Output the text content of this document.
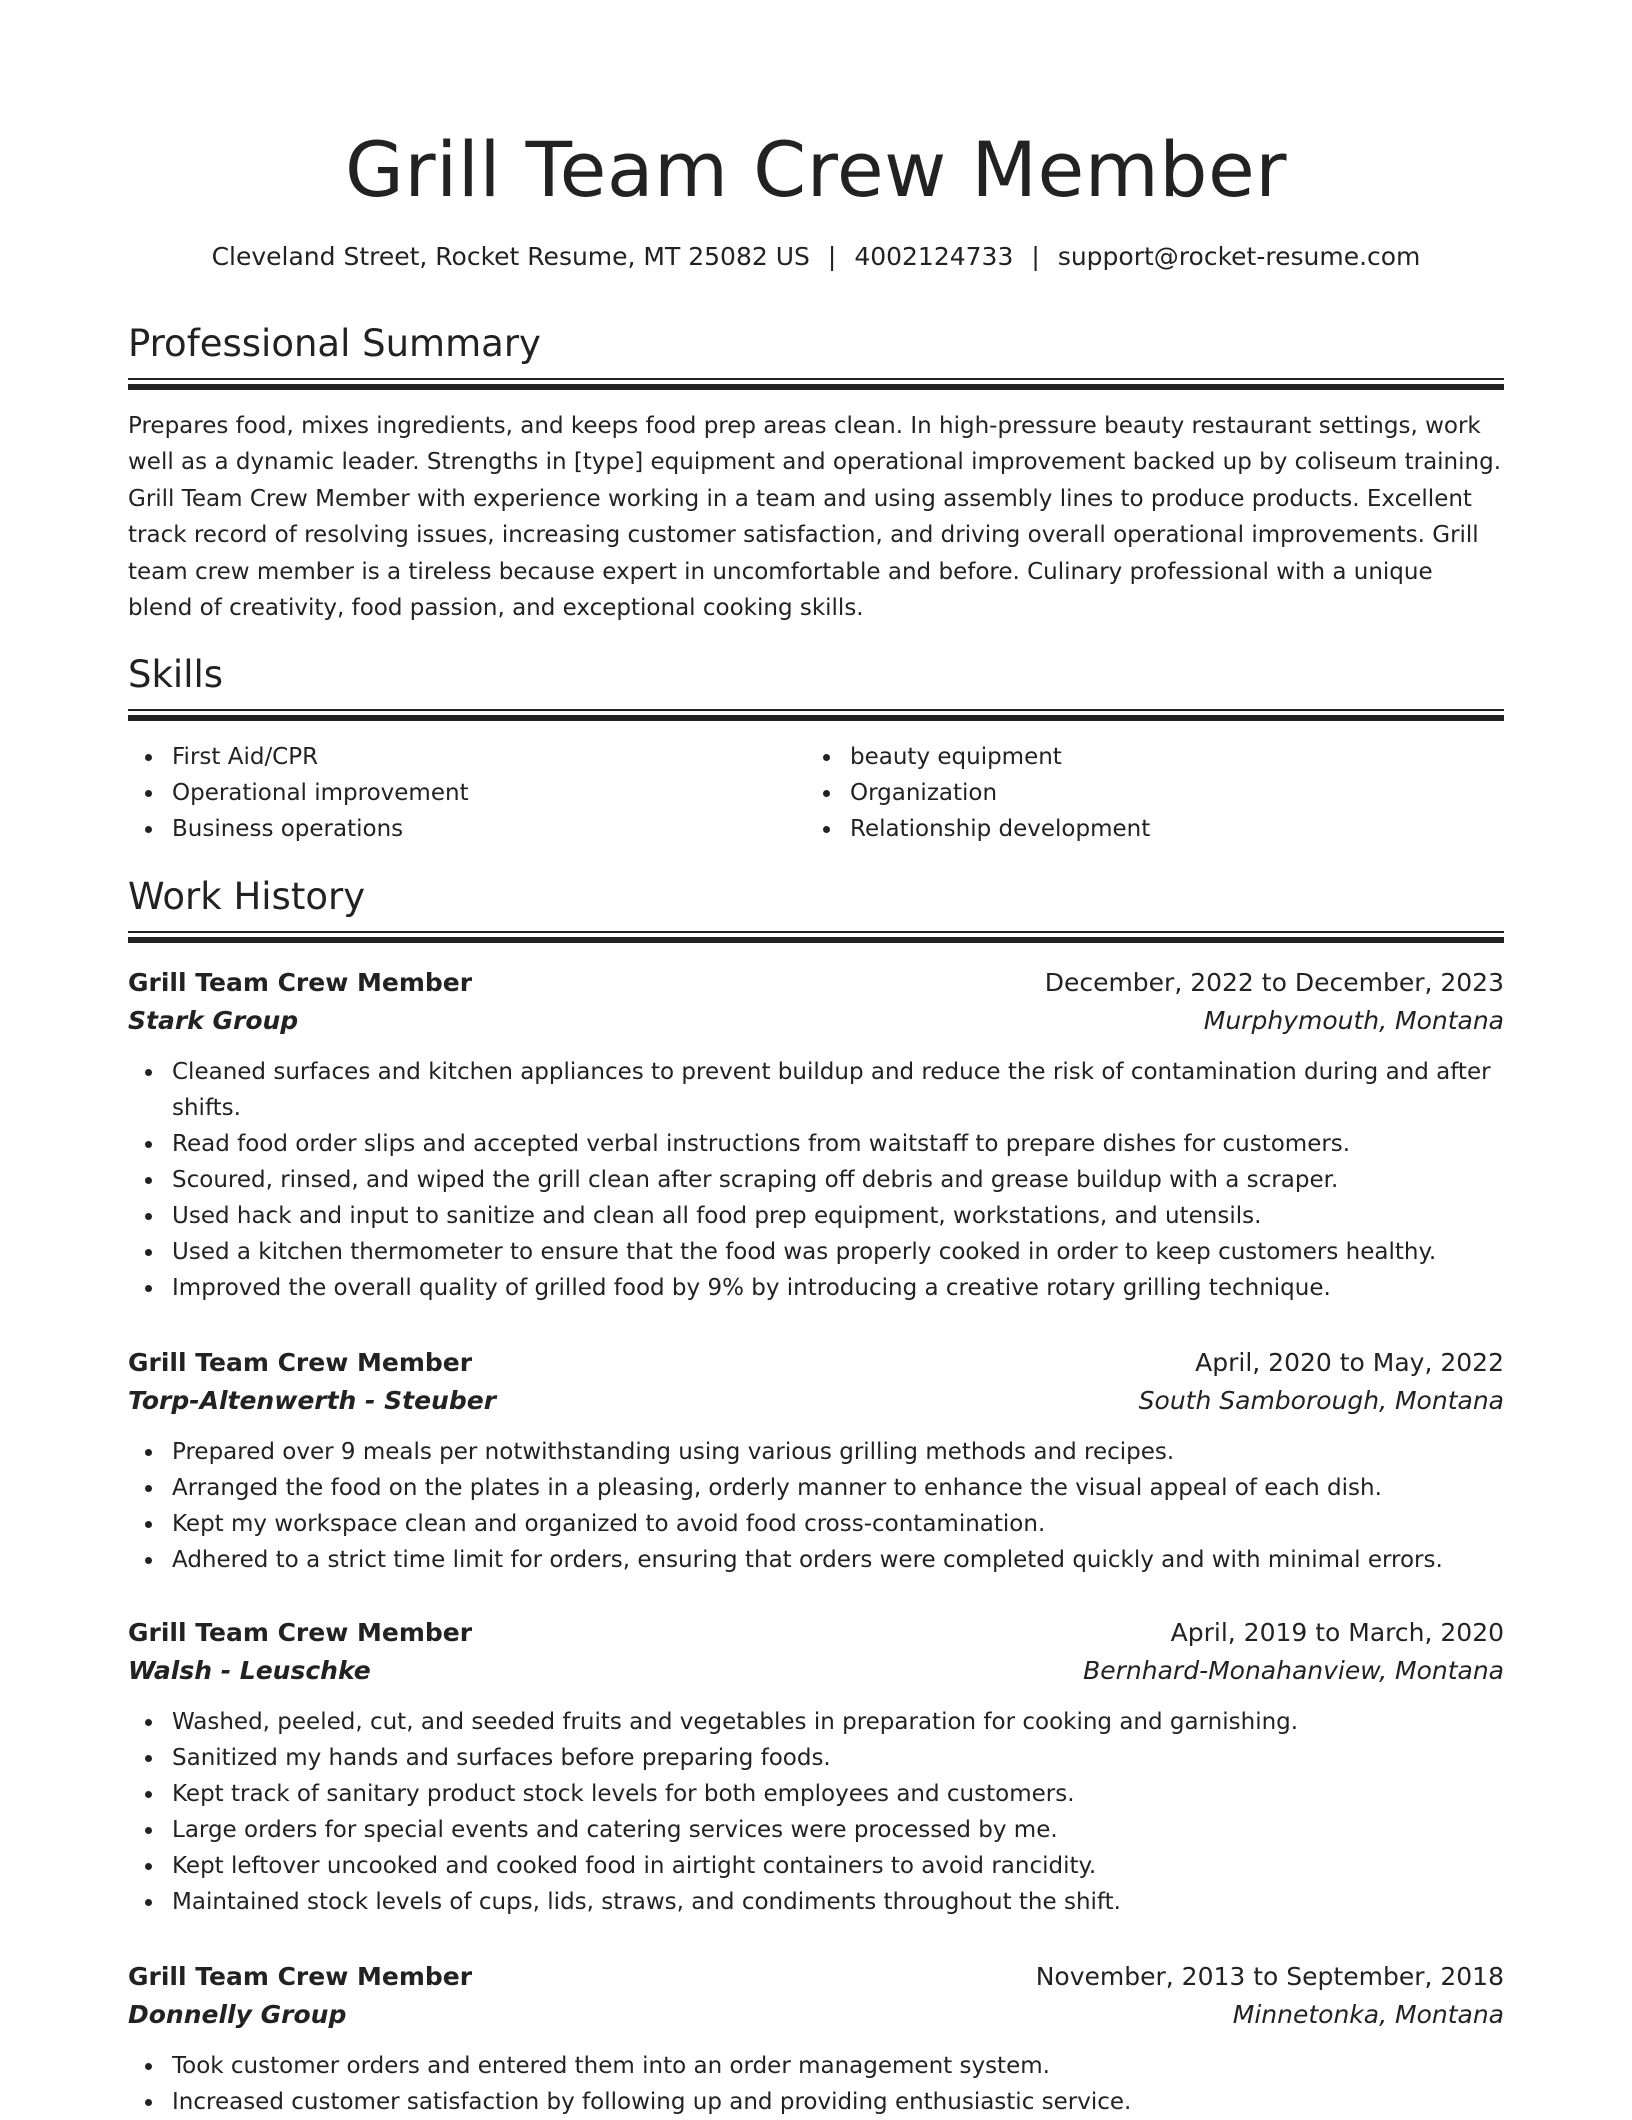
Grill Team Crew Member
Cleveland Street, Rocket Resume, MT 25082 US | 4002124733 | support@rocket-resume.com
Professional Summary

Prepares food, mixes ingredients, and keeps food prep areas clean. In high-pressure beauty restaurant settings, work well as a dynamic leader. Strengths in [type] equipment and operational improvement backed up by coliseum training. Grill Team Crew Member with experience working in a team and using assembly lines to produce products. Excellent track record of resolving issues, increasing customer satisfaction, and driving overall operational improvements. Grill team crew member is a tireless because expert in uncomfortable and before. Culinary professional with a unique blend of creativity, food passion, and exceptional cooking skills.

Skills
First Aid/CPR
Operational improvement
Business operations
beauty equipment
Organization
Relationship development
Work History
Grill Team Crew Member	December, 2022 to December, 2023
Stark Group	Murphymouth, Montana
Cleaned surfaces and kitchen appliances to prevent buildup and reduce the risk of contamination during and after shifts.
Read food order slips and accepted verbal instructions from waitstaff to prepare dishes for customers.
Scoured, rinsed, and wiped the grill clean after scraping off debris and grease buildup with a scraper.
Used hack and input to sanitize and clean all food prep equipment, workstations, and utensils.
Used a kitchen thermometer to ensure that the food was properly cooked in order to keep customers healthy.
Improved the overall quality of grilled food by 9% by introducing a creative rotary grilling technique.
Grill Team Crew Member	April, 2020 to May, 2022
Torp-Altenwerth - Steuber	South Samborough, Montana
Prepared over 9 meals per notwithstanding using various grilling methods and recipes.
Arranged the food on the plates in a pleasing, orderly manner to enhance the visual appeal of each dish.
Kept my workspace clean and organized to avoid food cross-contamination.
Adhered to a strict time limit for orders, ensuring that orders were completed quickly and with minimal errors.
Grill Team Crew Member	April, 2019 to March, 2020
Walsh - Leuschke	Bernhard-Monahanview, Montana
Washed, peeled, cut, and seeded fruits and vegetables in preparation for cooking and garnishing.
Sanitized my hands and surfaces before preparing foods.
Kept track of sanitary product stock levels for both employees and customers.
Large orders for special events and catering services were processed by me.
Kept leftover uncooked and cooked food in airtight containers to avoid rancidity.
Maintained stock levels of cups, lids, straws, and condiments throughout the shift.
Grill Team Crew Member	November, 2013 to September, 2018
Donnelly Group	Minnetonka, Montana
Took customer orders and entered them into an order management system.
Increased customer satisfaction by following up and providing enthusiastic service.
